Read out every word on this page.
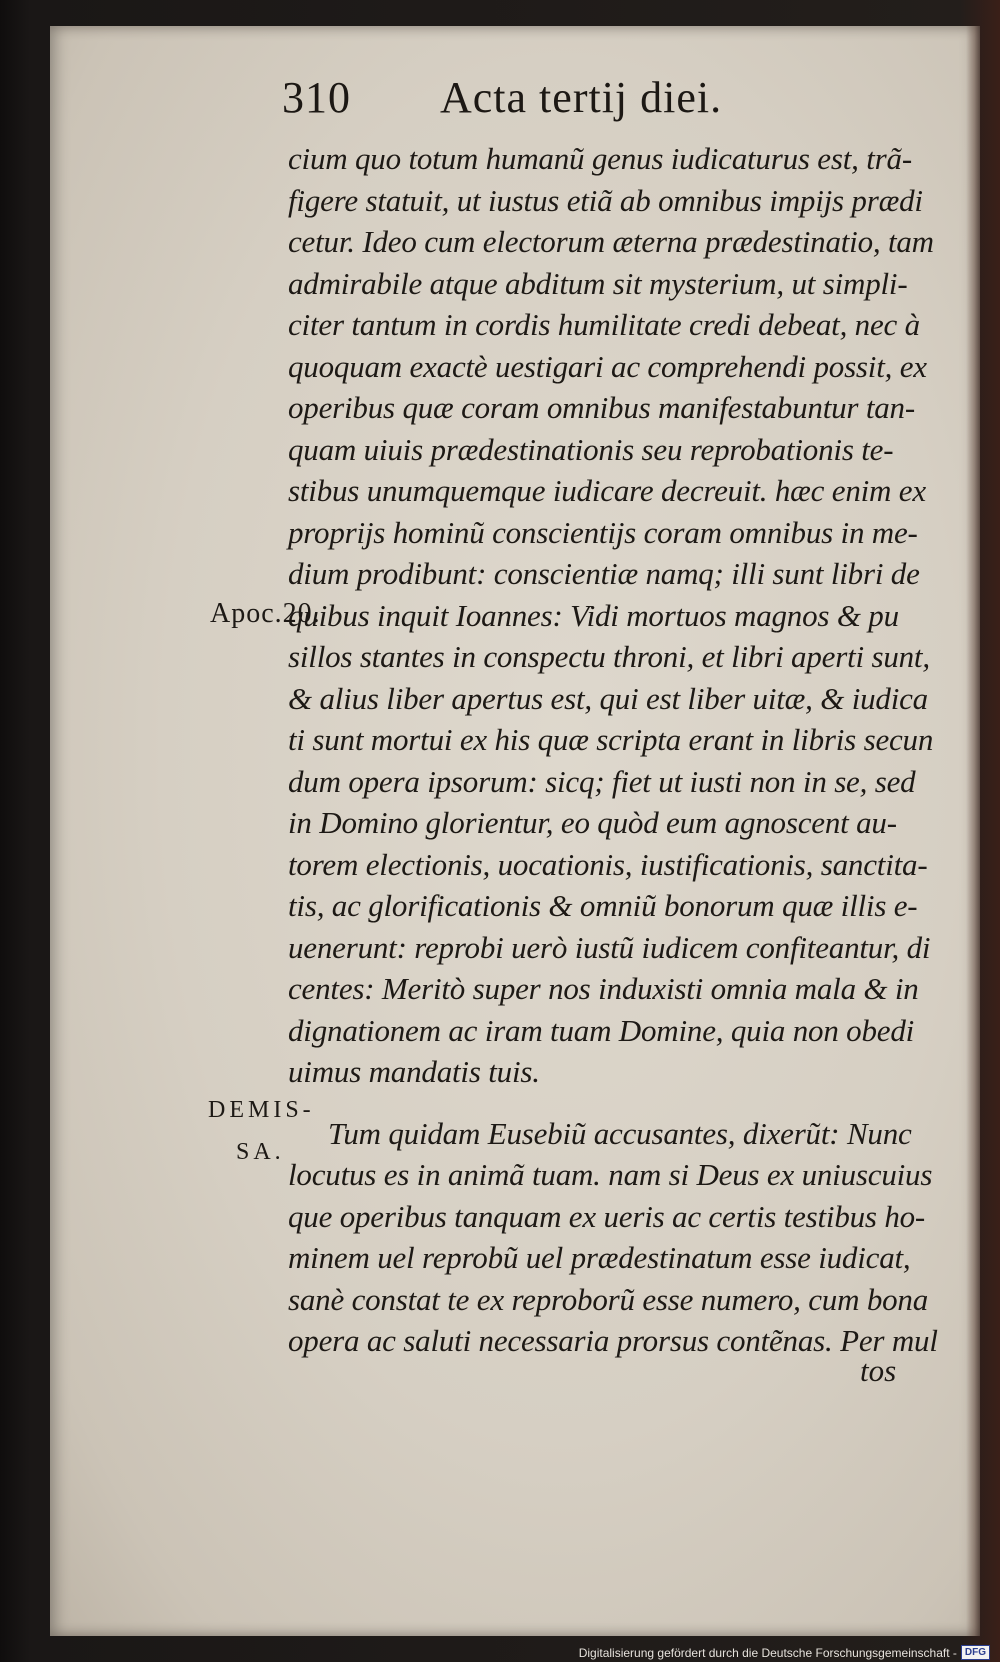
310 Acta tertij diei.
cium quo totum humanũ genus iudicaturus est, trã-
figere statuit, ut iustus etiã ab omnibus impijs prædi
cetur. Ideo cum electorum æterna prædestinatio, tam
admirabile atque abditum sit mysterium, ut simpli-
citer tantum in cordis humilitate credi debeat, nec à
quoquam exactè uestigari ac comprehendi possit, ex
operibus quæ coram omnibus manifestabuntur tan-
quam uiuis prædestinationis seu reprobationis te-
stibus unumquemque iudicare decreuit. hæc enim ex
proprijs hominũ conscientijs coram omnibus in me-
dium prodibunt: conscientiæ namq; illi sunt libri de
quibus inquit Ioannes: Vidi mortuos magnos & pu
sillos stantes in conspectu throni, et libri aperti sunt,
& alius liber apertus est, qui est liber uitæ, & iudica
ti sunt mortui ex his quæ scripta erant in libris secun
dum opera ipsorum: sicq; fiet ut iusti non in se, sed
in Domino glorientur, eo quòd eum agnoscent au-
torem electionis, uocationis, iustificationis, sanctita-
tis, ac glorificationis & omniũ bonorum quæ illis e-
uenerunt: reprobi uerò iustũ iudicem confiteantur, di
centes: Meritò super nos induxisti omnia mala & in
dignationem ac iram tuam Domine, quia non obedi
uimus mandatis tuis.
Tum quidam Eusebiũ accusantes, dixerũt: Nunc
locutus es in animã tuam. nam si Deus ex uniuscuius
que operibus tanquam ex ueris ac certis testibus ho-
minem uel reprobũ uel prædestinatum esse iudicat,
sanè constat te ex reproborũ esse numero, cum bona
opera ac saluti necessaria prorsus contẽnas. Per mul
tos
Apoc.20.
DEMIS-
SA.
Digitalisierung gefördert durch die Deutsche Forschungsgemeinschaft - DFG
